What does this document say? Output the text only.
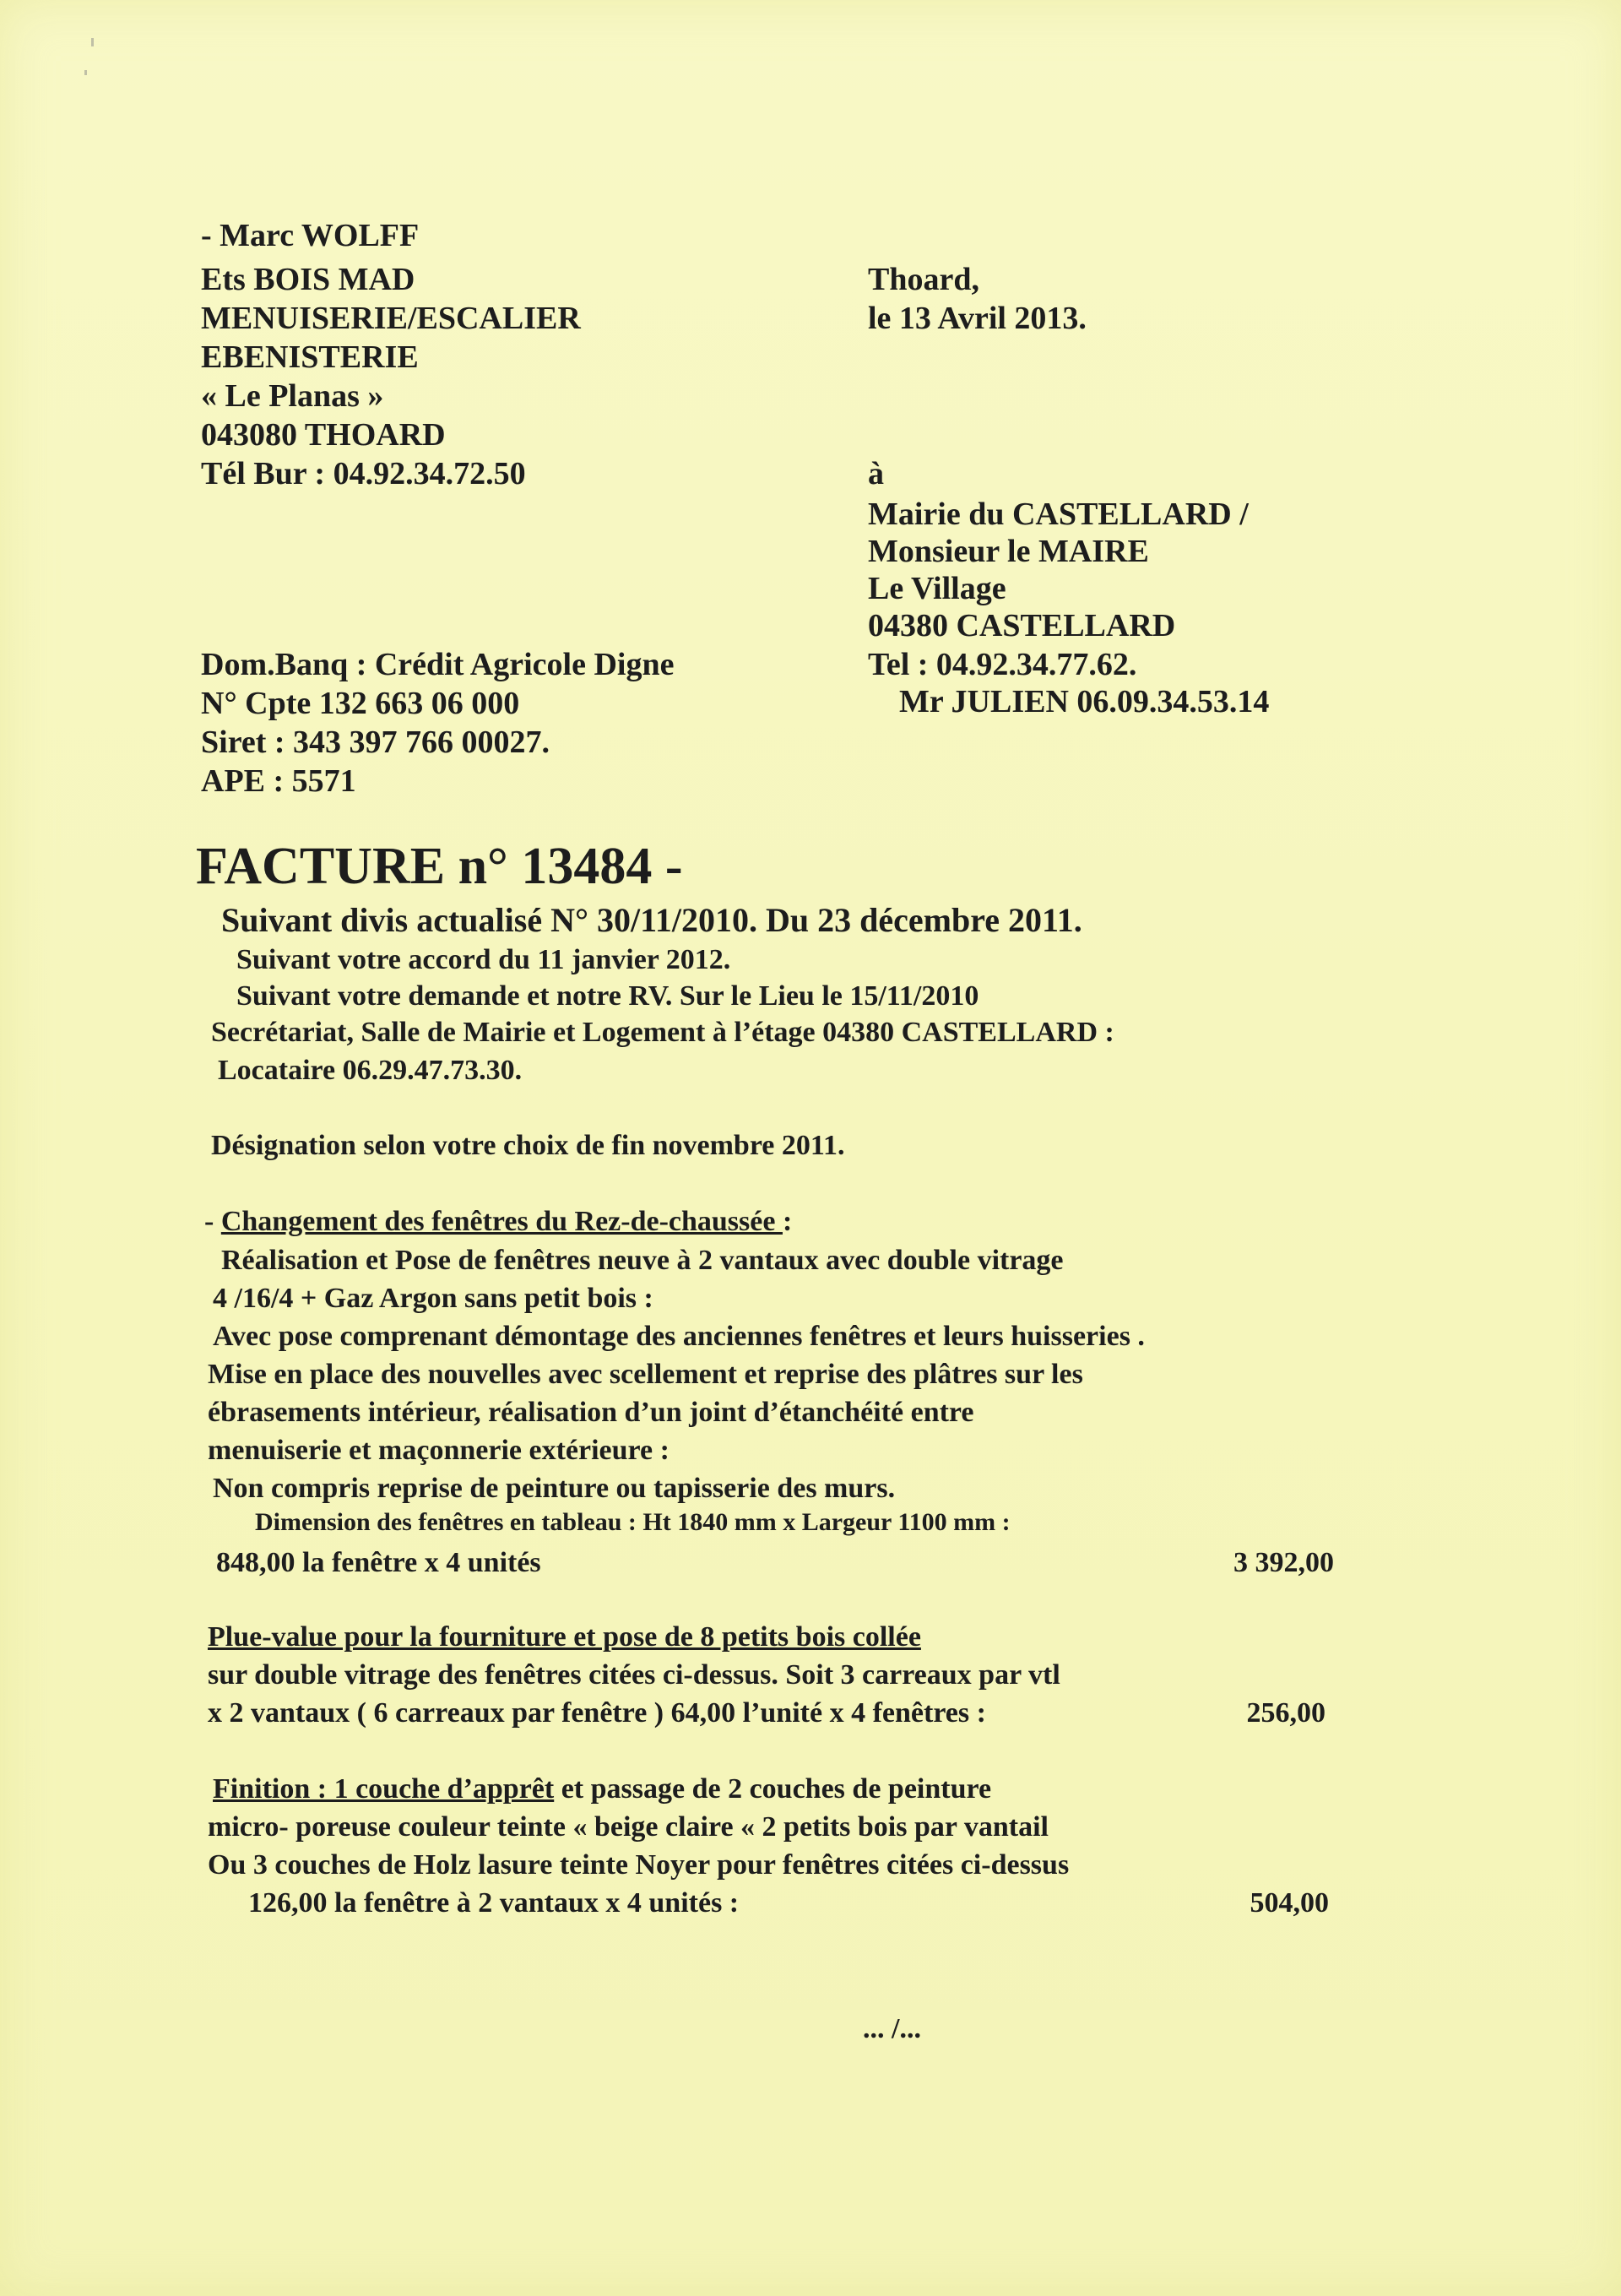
- Marc WOLFF
Ets BOIS MAD
MENUISERIE/ESCALIER
EBENISTERIE
« Le Planas »
043080 THOARD
Tél Bur : 04.92.34.72.50
Dom.Banq : Crédit Agricole Digne
N° Cpte 132 663 06 000
Siret : 343 397 766 00027.
APE : 5571
Thoard,
le 13 Avril 2013.
à
Mairie du CASTELLARD /
Monsieur le MAIRE
Le Village
04380 CASTELLARD
Tel : 04.92.34.77.62.
Mr JULIEN 06.09.34.53.14
FACTURE n° 13484 -
Suivant divis actualisé N° 30/11/2010. Du 23 décembre 2011.
Suivant votre accord du 11 janvier 2012.
Suivant votre demande et notre RV. Sur le Lieu le 15/11/2010
Secrétariat, Salle de Mairie et Logement à l’étage 04380 CASTELLARD :
Locataire 06.29.47.73.30.
Désignation selon votre choix de fin novembre 2011.
- Changement des fenêtres du Rez-de-chaussée :
Réalisation et Pose de fenêtres neuve à 2 vantaux avec double vitrage
4 /16/4 + Gaz Argon sans petit bois :
Avec pose comprenant démontage des anciennes fenêtres et leurs huisseries .
Mise en place des nouvelles avec scellement et reprise des plâtres sur les
ébrasements intérieur, réalisation d’un joint d’étanchéité entre
menuiserie et maçonnerie extérieure :
Non compris reprise de peinture ou tapisserie des murs.
Dimension des fenêtres en tableau : Ht 1840 mm x Largeur 1100 mm :
848,00 la fenêtre x 4 unités	3 392,00
Plue-value pour la fourniture et pose de 8 petits bois collée
sur double vitrage des fenêtres citées ci-dessus. Soit 3 carreaux par vtl
x 2 vantaux ( 6 carreaux par fenêtre ) 64,00 l’unité x 4 fenêtres :	256,00
Finition : 1 couche d’apprêt et passage de 2 couches de peinture
micro- poreuse couleur teinte « beige claire « 2 petits bois par vantail
Ou 3 couches de Holz lasure teinte Noyer pour fenêtres citées ci-dessus
126,00 la fenêtre à 2 vantaux x 4 unités :	504,00
... /...
